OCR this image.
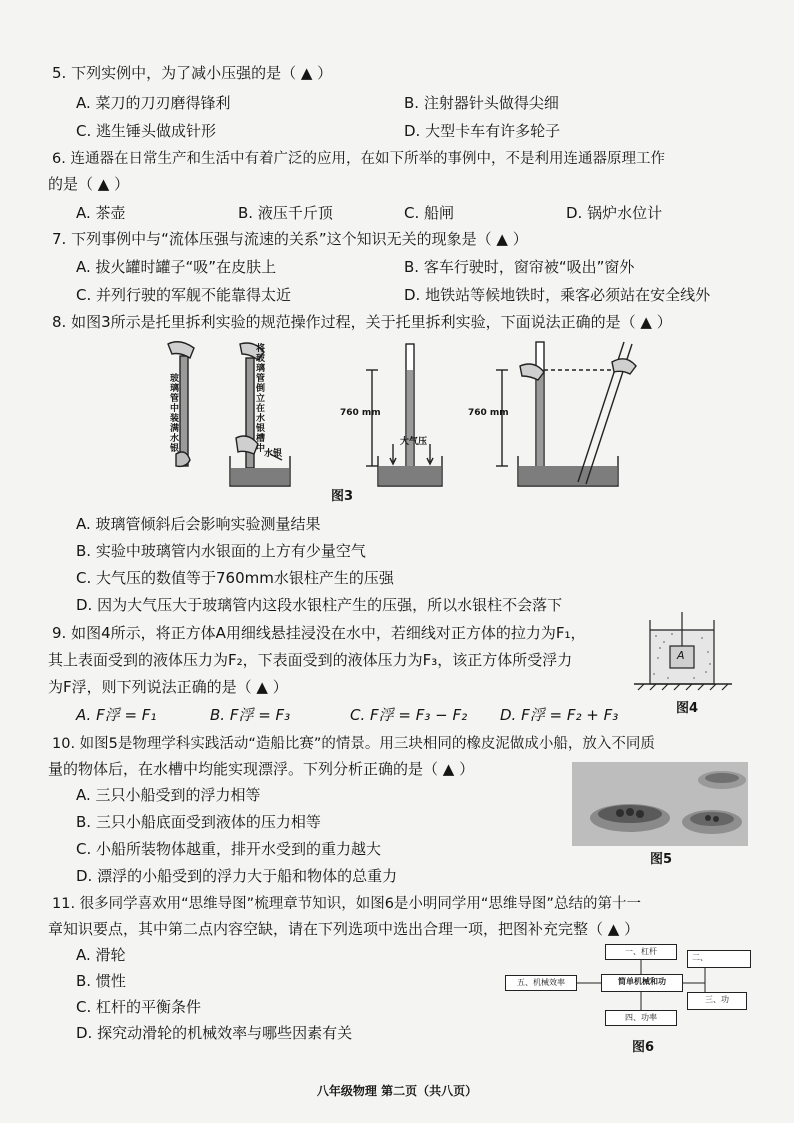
5. 下列实例中，为了减小压强的是（ ▲ ）
A. 菜刀的刀刃磨得锋利	B. 注射器针头做得尖细
C. 逃生锤头做成针形	D. 大型卡车有许多轮子
6. 连通器在日常生产和生活中有着广泛的应用，在如下所举的事例中，不是利用连通器原理工作
的是（ ▲ ）
A. 茶壶	B. 液压千斤顶	C. 船闸	D. 锅炉水位计
7. 下列事例中与“流体压强与流速的关系”这个知识无关的现象是（ ▲ ）
A. 拔火罐时罐子“吸”在皮肤上	B. 客车行驶时，窗帘被“吸出”窗外
C. 并列行驶的军舰不能靠得太近	D. 地铁站等候地铁时，乘客必须站在安全线外
8. 如图3所示是托里拆利实验的规范操作过程，关于托里拆利实验，下面说法正确的是（ ▲ ）
玻璃管中装满水银
将玻璃管倒立在水银槽中
水银
760 mm
大气压
760 mm
图3
A. 玻璃管倾斜后会影响实验测量结果
B. 实验中玻璃管内水银面的上方有少量空气
C. 大气压的数值等于760mm水银柱产生的压强
D. 因为大气压大于玻璃管内这段水银柱产生的压强，所以水银柱不会落下
9. 如图4所示，将正方体A用细线悬挂浸没在水中，若细线对正方体的拉力为F₁，
其上表面受到的液体压力为F₂，下表面受到的液体压力为F₃，该正方体所受浮力
为F浮，则下列说法正确的是（ ▲ ）
A
图4
A. F浮 = F₁	B. F浮 = F₃	C. F浮 = F₃ − F₂ D. F浮 = F₂ + F₃
10. 如图5是物理学科实践活动“造船比赛”的情景。用三块相同的橡皮泥做成小船，放入不同质
量的物体后，在水槽中均能实现漂浮。下列分析正确的是（ ▲ ）
图5
A. 三只小船受到的浮力相等
B. 三只小船底面受到液体的压力相等
C. 小船所装物体越重，排开水受到的重力越大
D. 漂浮的小船受到的浮力大于船和物体的总重力
11. 很多同学喜欢用“思维导图”梳理章节知识，如图6是小明同学用“思维导图”总结的第十一
章知识要点，其中第二点内容空缺，请在下列选项中选出合理一项，把图补充完整（ ▲ ）
一、杠杆
简单机械和功
五、机械效率
二、
三、功
四、功率
图6
A. 滑轮
B. 惯性
C. 杠杆的平衡条件
D. 探究动滑轮的机械效率与哪些因素有关
八年级物理 第二页（共八页）
